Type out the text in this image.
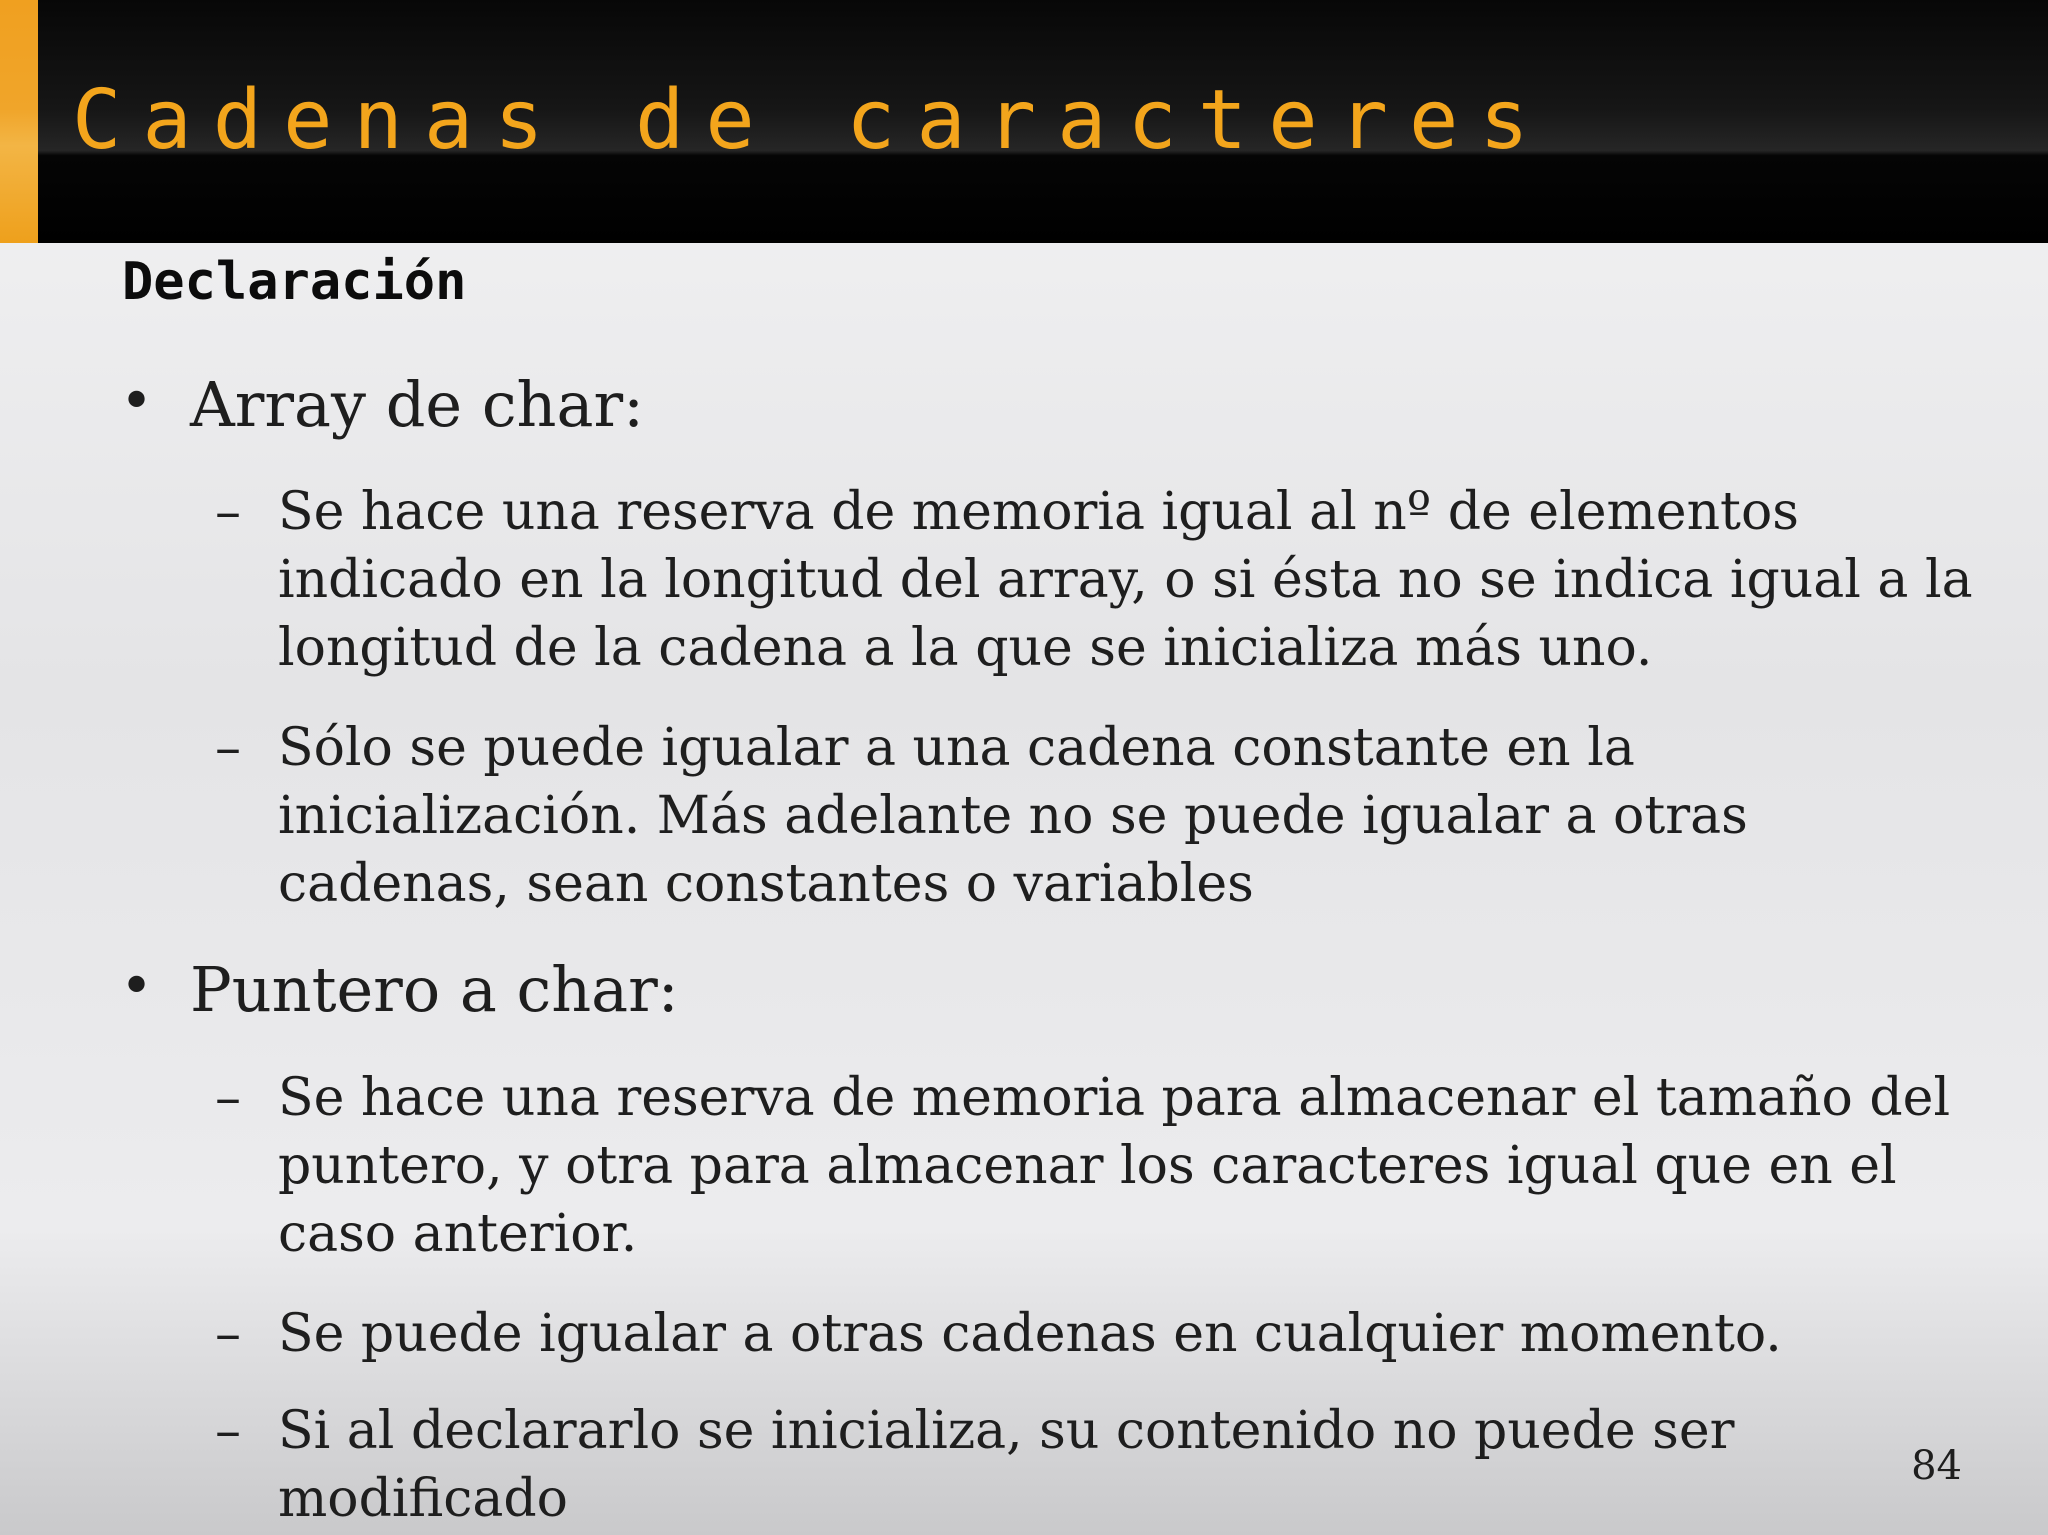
Cadenas de caracteres
Declaración
• Array de char:
– Se hace una reserva de memoria igual al nº de elementos indicado en la longitud del array, o si ésta no se indica igual a la longitud de la cadena a la que se inicializa más uno.
– Sólo se puede igualar a una cadena constante en la inicialización. Más adelante no se puede igualar a otras cadenas, sean constantes o variables
• Puntero a char:
– Se hace una reserva de memoria para almacenar el tamaño del puntero, y otra para almacenar los caracteres igual que en el caso anterior.
– Se puede igualar a otras cadenas en cualquier momento.
– Si al declararlo se inicializa, su contenido no puede ser modificado
84
